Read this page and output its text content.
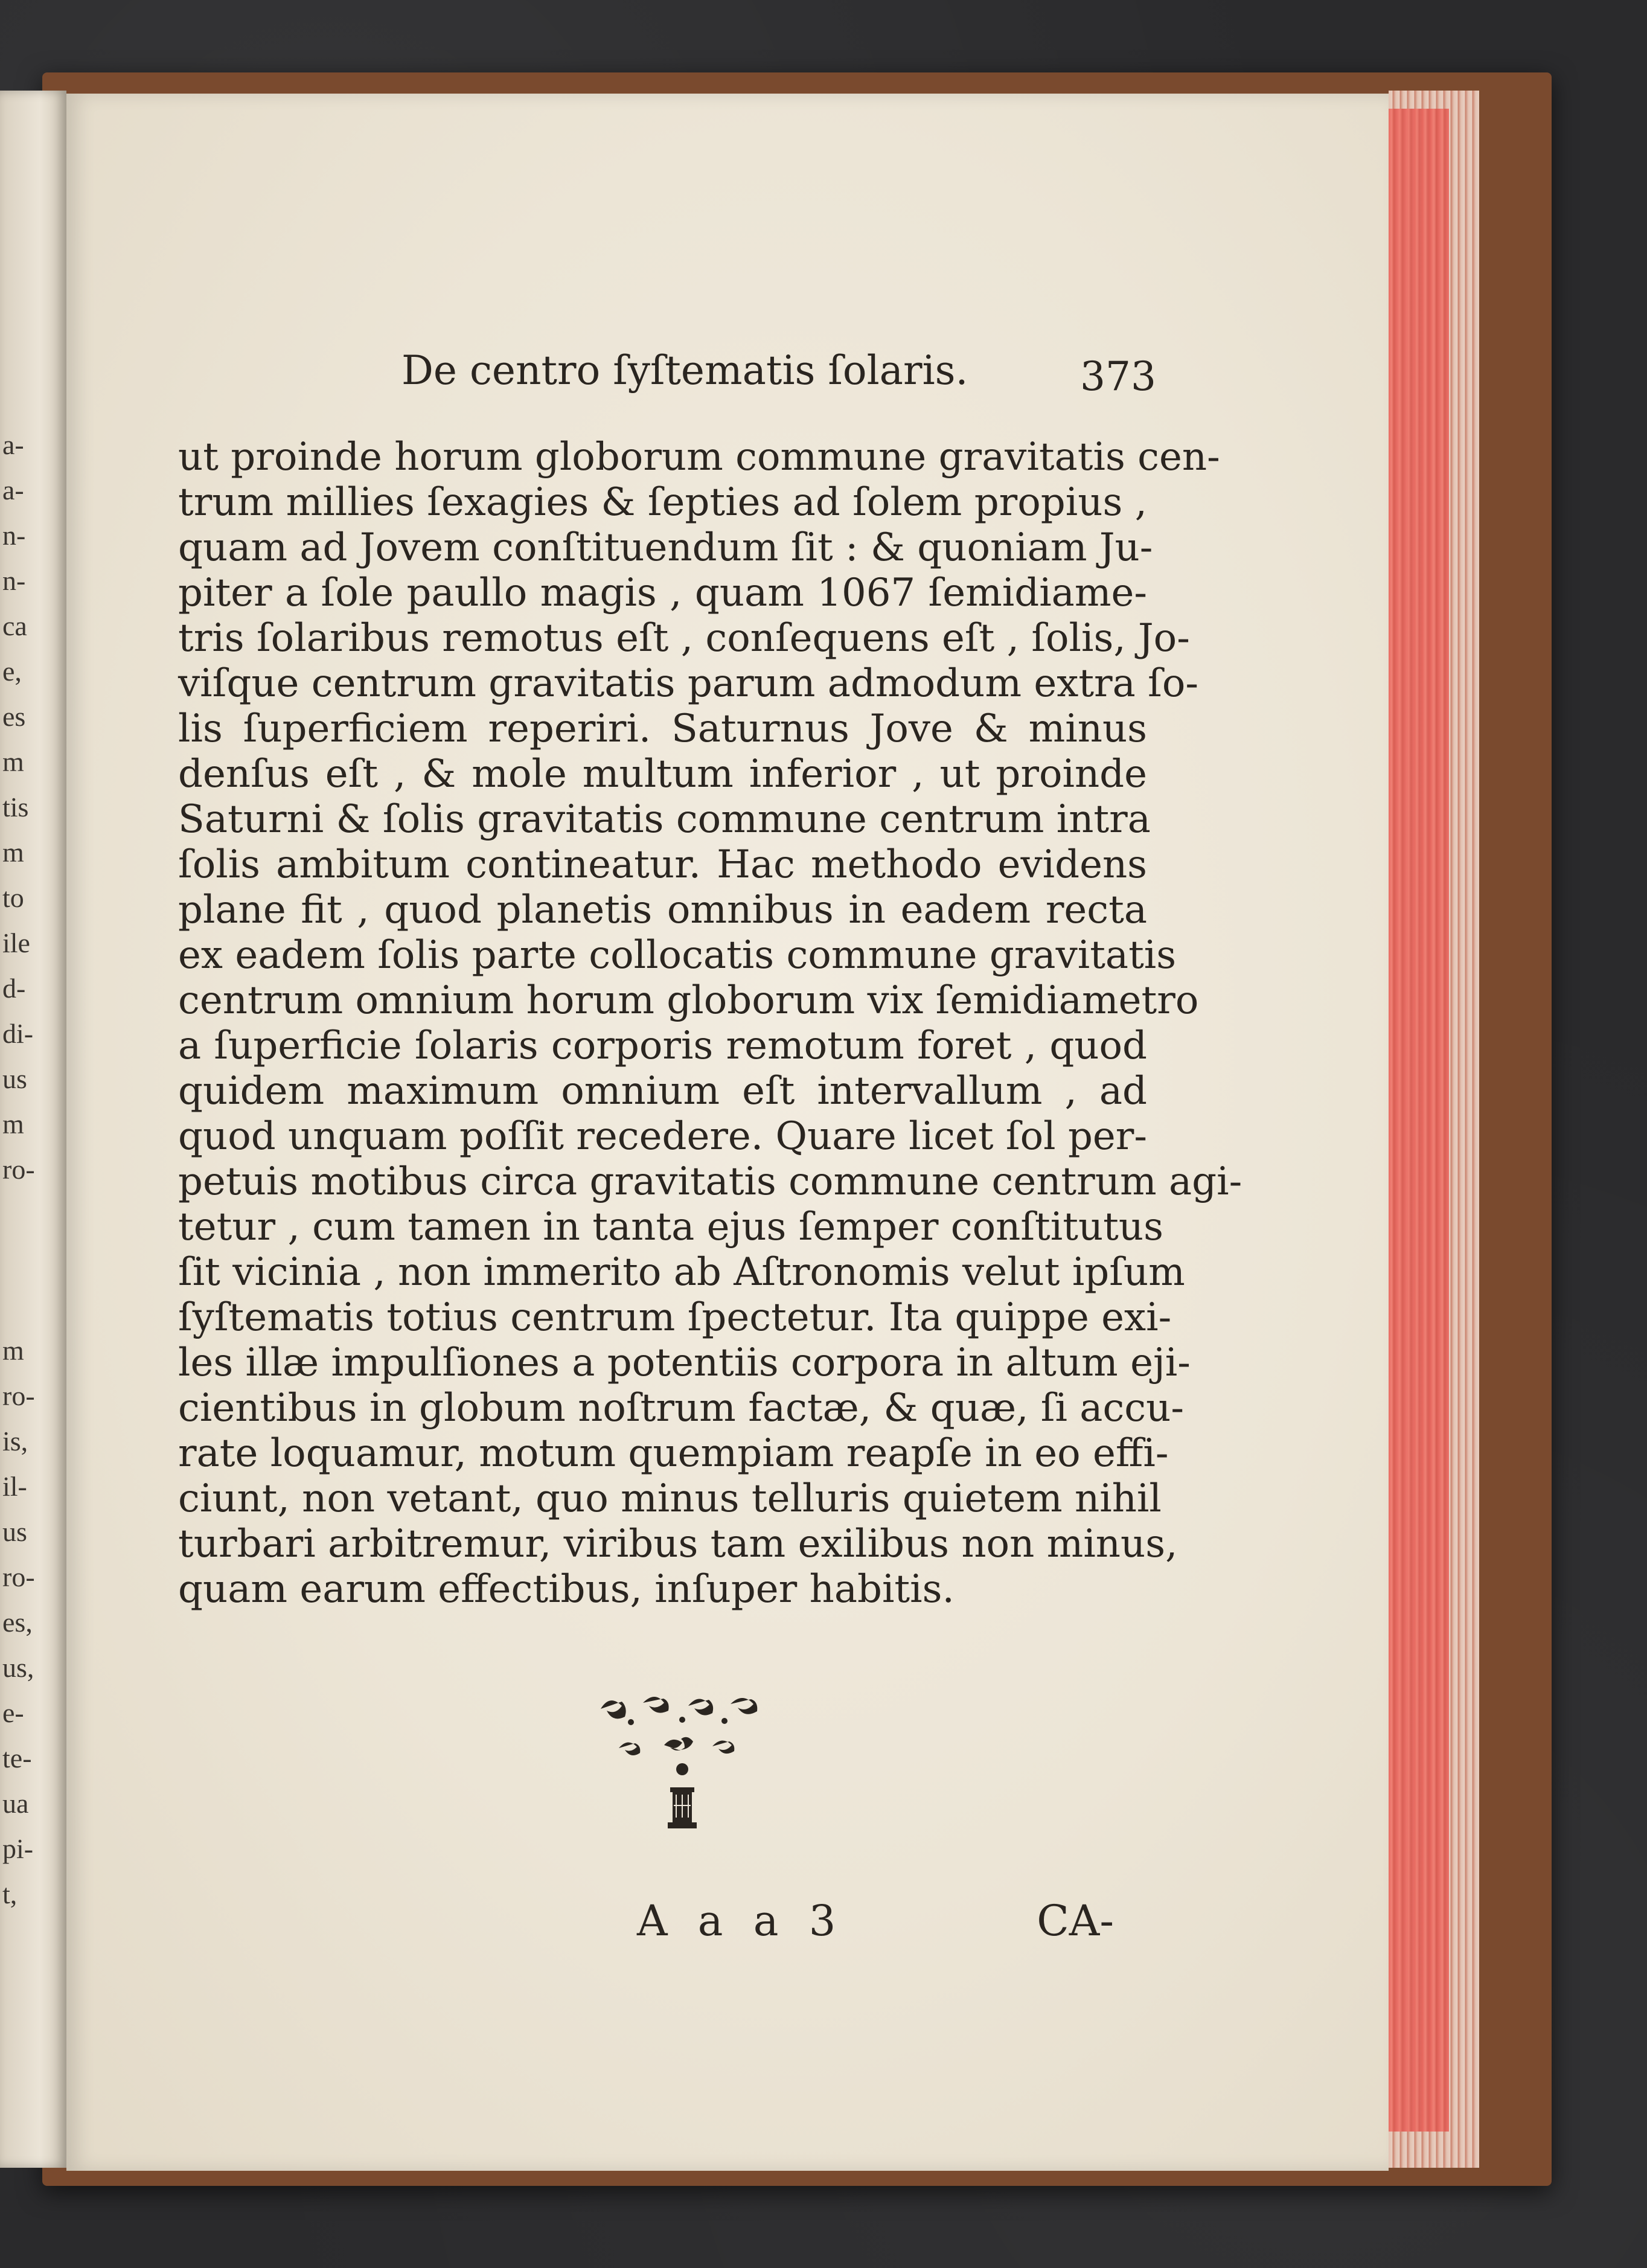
a-
a-
n-
n-
ca
e,
es
m
tis
m
to
ile
d-
di-
us
m
ro-
m
ro-
is,
il-
us
ro-
es,
us,
e-
te-
ua
pi-
t,
De centro ſyſtematis ſolaris.	373
ut proinde horum globorum commune gravitatis cen-
trum millies ſexagies & ſepties ad ſolem propius ,
quam ad Jovem conſtituendum ſit : & quoniam Ju-
piter a ſole paullo magis , quam 1067 ſemidiame-
tris ſolaribus remotus eſt , conſequens eſt , ſolis, Jo-
viſque centrum gravitatis parum admodum extra ſo-
lis ſuperficiem reperiri. Saturnus Jove & minus
denſus eſt , & mole multum inferior , ut proinde
Saturni & ſolis gravitatis commune centrum intra
ſolis ambitum contineatur. Hac methodo evidens
plane fit , quod planetis omnibus in eadem recta
ex eadem ſolis parte collocatis commune gravitatis
centrum omnium horum globorum vix ſemidiametro
a ſuperficie ſolaris corporis remotum foret , quod
quidem maximum omnium eſt intervallum , ad
quod unquam poſſit recedere. Quare licet ſol per-
petuis motibus circa gravitatis commune centrum agi-
tetur , cum tamen in tanta ejus ſemper conſtitutus
ſit vicinia , non immerito ab Aſtronomis velut ipſum
ſyſtematis totius centrum ſpectetur. Ita quippe exi-
les illæ impulſiones a potentiis corpora in altum eji-
cientibus in globum noſtrum factæ, & quæ, ſi accu-
rate loquamur, motum quempiam reapſe in eo effi-
ciunt, non vetant, quo minus telluris quietem nihil
turbari arbitremur, viribus tam exilibus non minus,
quam earum effectibus, inſuper habitis.
A a a 3	CA-
